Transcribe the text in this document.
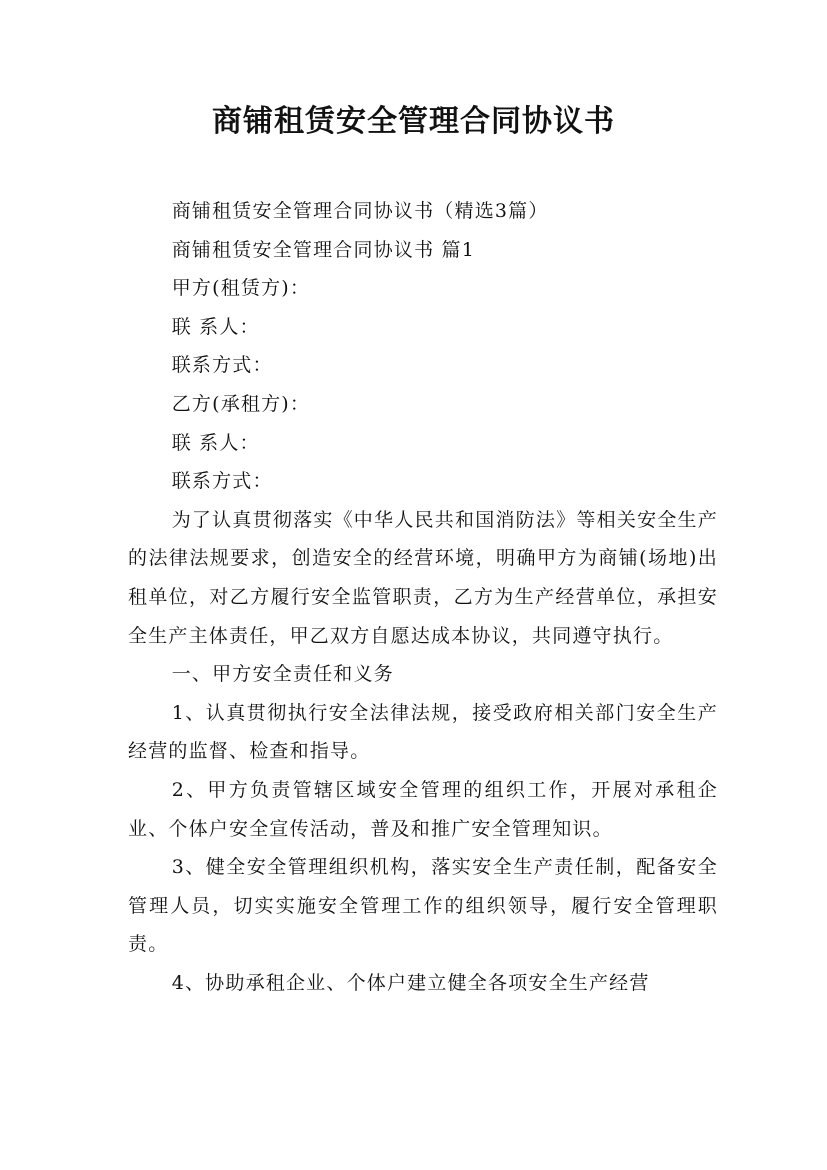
商铺租赁安全管理合同协议书

商铺租赁安全管理合同协议书（精选3篇）

商铺租赁安全管理合同协议书 篇1

甲方(租赁方)：

联 系人：

联系方式：

乙方(承租方)：

联 系人：

联系方式：

为了认真贯彻落实《中华人民共和国消防法》等相关安全生产的法律法规要求，创造安全的经营环境，明确甲方为商铺(场地)出租单位，对乙方履行安全监管职责，乙方为生产经营单位，承担安全生产主体责任，甲乙双方自愿达成本协议，共同遵守执行。

一、甲方安全责任和义务

1、认真贯彻执行安全法律法规，接受政府相关部门安全生产经营的监督、检查和指导。

2、甲方负责管辖区域安全管理的组织工作，开展对承租企业、个体户安全宣传活动，普及和推广安全管理知识。

3、健全安全管理组织机构，落实安全生产责任制，配备安全管理人员，切实实施安全管理工作的组织领导，履行安全管理职责。

4、协助承租企业、个体户建立健全各项安全生产经营
